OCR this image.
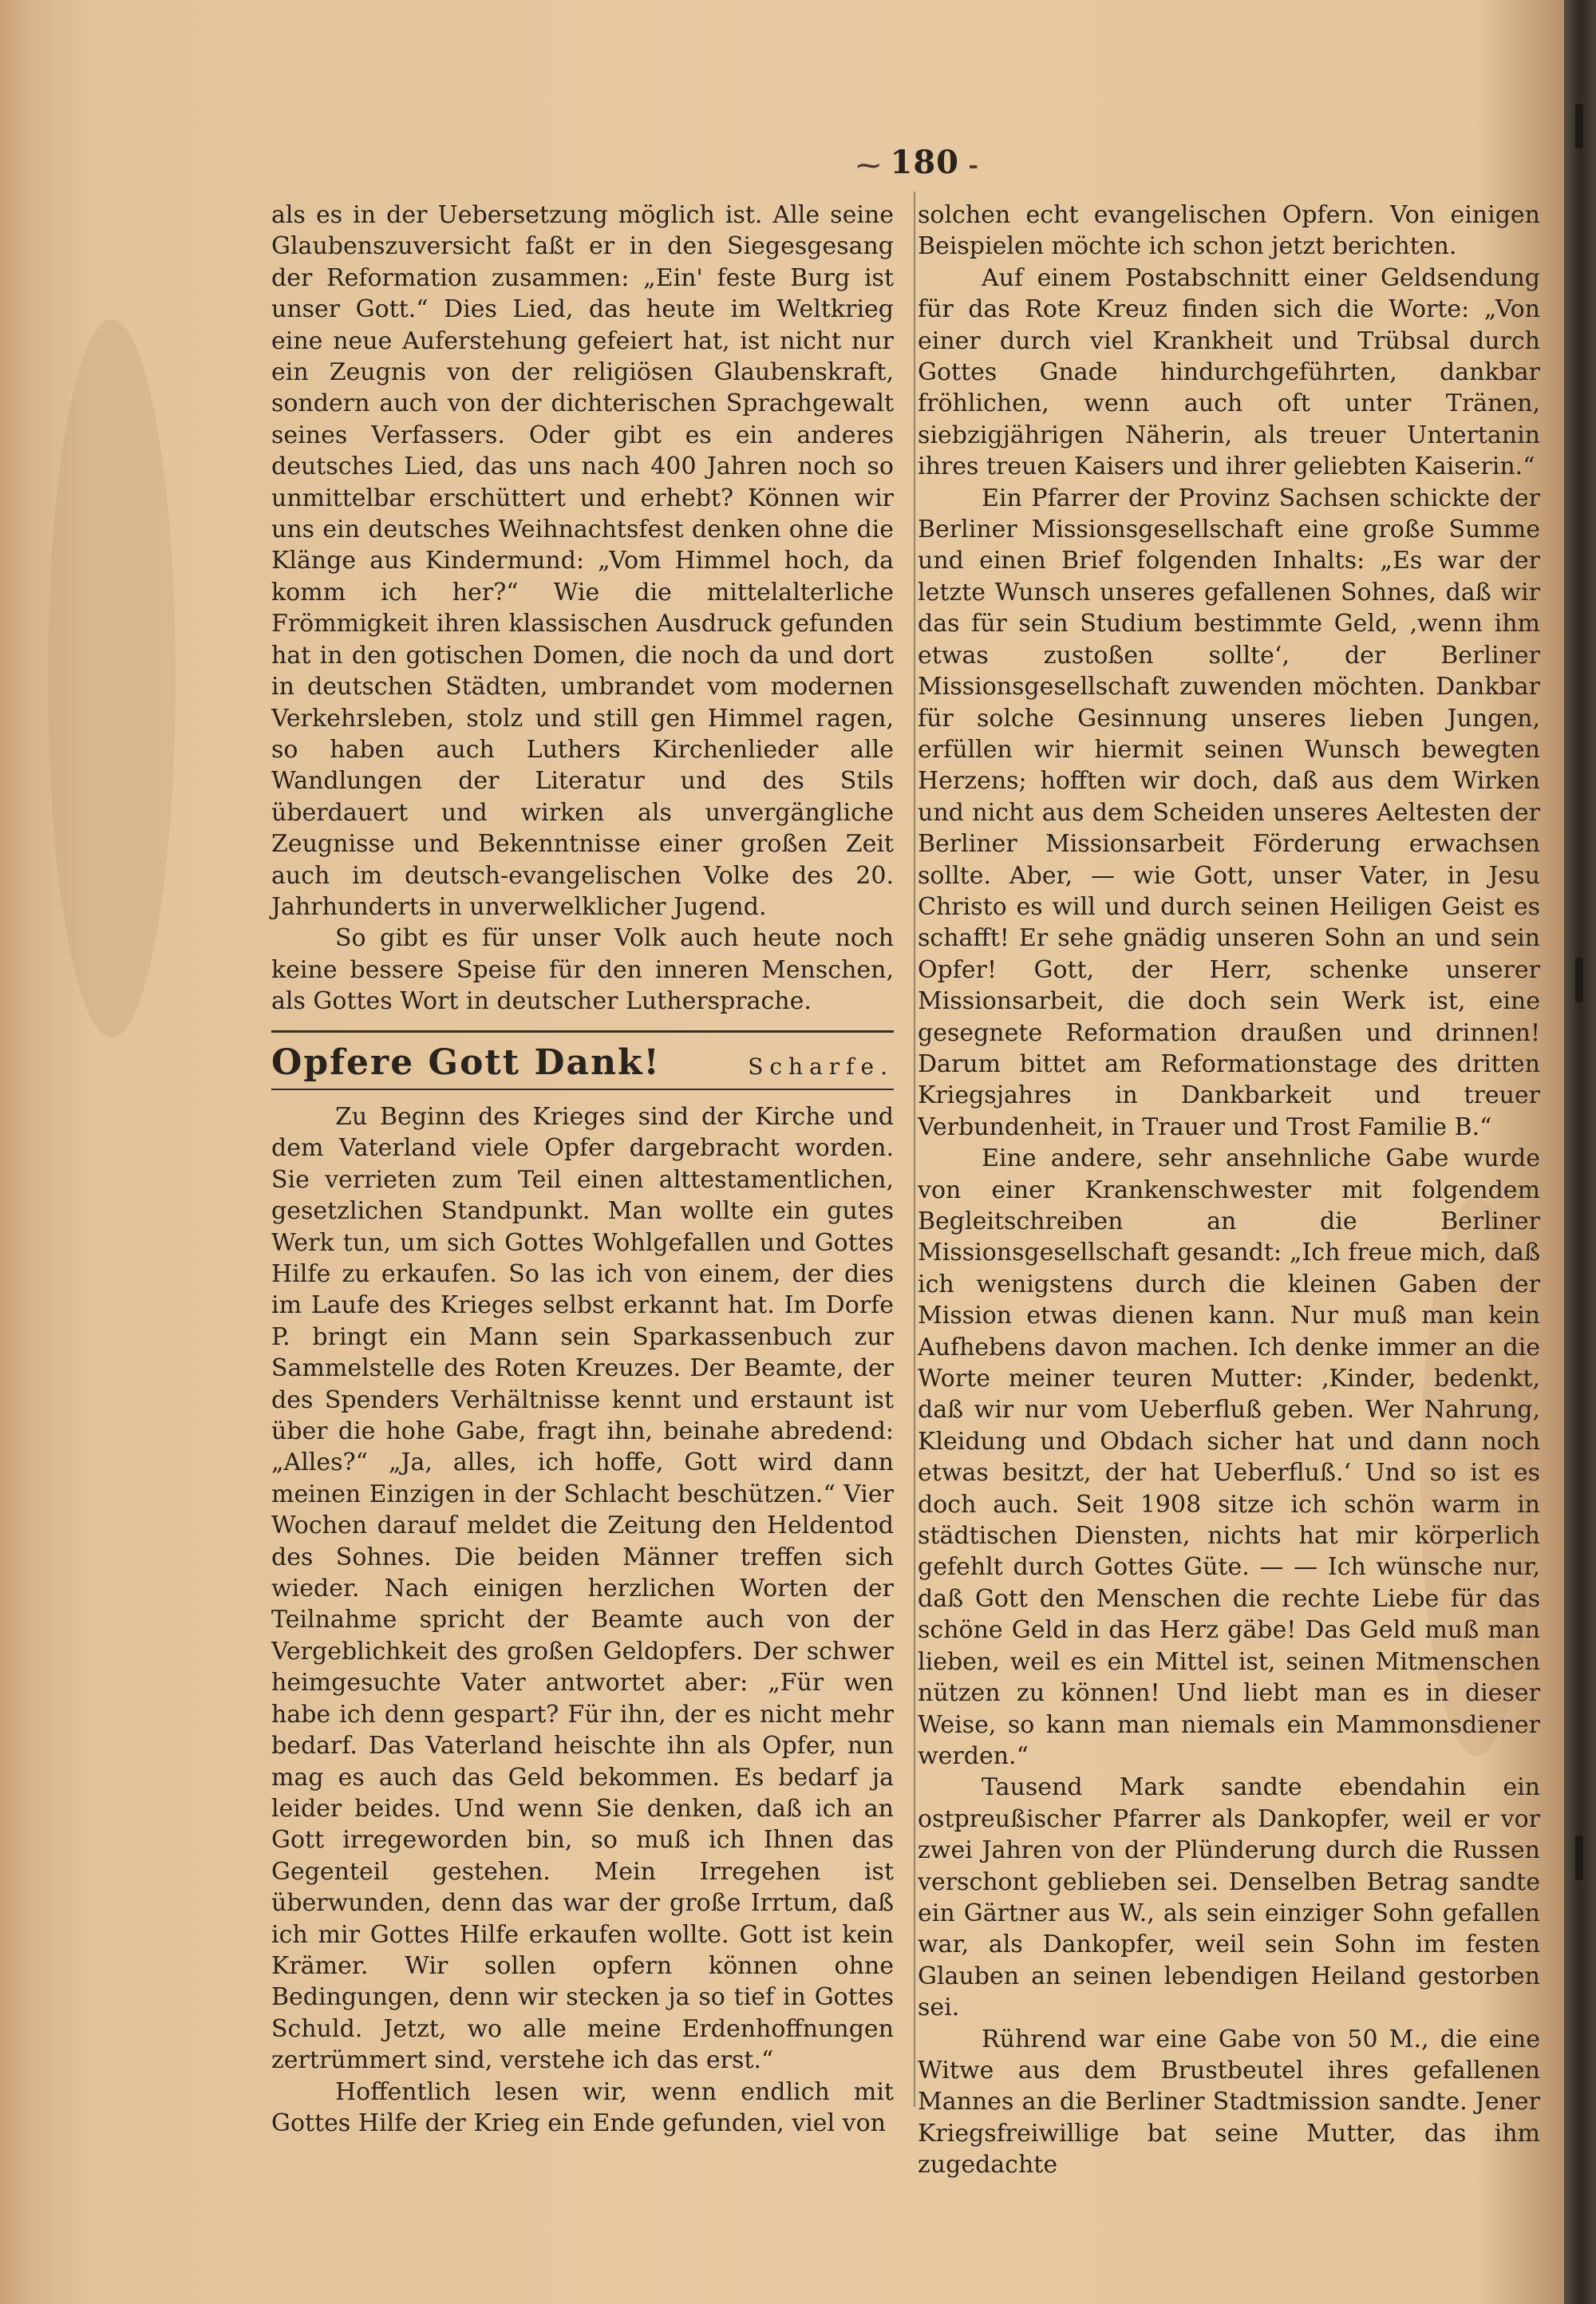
⁓ 180 -

als es in der Uebersetzung möglich ist. Alle seine Glaubenszuversicht faßt er in den Siegesgesang der Reformation zusammen: „Ein' feste Burg ist unser Gott.“ Dies Lied, das heute im Weltkrieg eine neue Auferstehung gefeiert hat, ist nicht nur ein Zeugnis von der religiösen Glaubenskraft, sondern auch von der dichterischen Sprachgewalt seines Verfassers. Oder gibt es ein anderes deutsches Lied, das uns nach 400 Jahren noch so unmittelbar erschüttert und erhebt? Können wir uns ein deutsches Weihnachtsfest denken ohne die Klänge aus Kindermund: „Vom Himmel hoch, da komm ich her?“ Wie die mittelalterliche Frömmigkeit ihren klassischen Ausdruck gefunden hat in den gotischen Domen, die noch da und dort in deutschen Städten, umbrandet vom modernen Verkehrsleben, stolz und still gen Himmel ragen, so haben auch Luthers Kirchenlieder alle Wandlungen der Literatur und des Stils überdauert und wirken als unvergängliche Zeugnisse und Bekenntnisse einer großen Zeit auch im deutsch-evangelischen Volke des 20. Jahrhunderts in unverwelklicher Jugend.

So gibt es für unser Volk auch heute noch keine bessere Speise für den inneren Menschen, als Gottes Wort in deutscher Luthersprache.

Opfere Gott Dank!	Scharfe.

Zu Beginn des Krieges sind der Kirche und dem Vaterland viele Opfer dargebracht worden. Sie verrieten zum Teil einen alttestamentlichen, gesetzlichen Standpunkt. Man wollte ein gutes Werk tun, um sich Gottes Wohlgefallen und Gottes Hilfe zu erkaufen. So las ich von einem, der dies im Laufe des Krieges selbst erkannt hat. Im Dorfe P. bringt ein Mann sein Sparkassenbuch zur Sammelstelle des Roten Kreuzes. Der Beamte, der des Spenders Verhältnisse kennt und erstaunt ist über die hohe Gabe, fragt ihn, beinahe abredend: „Alles?“ „Ja, alles, ich hoffe, Gott wird dann meinen Einzigen in der Schlacht beschützen.“ Vier Wochen darauf meldet die Zeitung den Heldentod des Sohnes. Die beiden Männer treffen sich wieder. Nach einigen herzlichen Worten der Teilnahme spricht der Beamte auch von der Vergeblichkeit des großen Geldopfers. Der schwer heimgesuchte Vater antwortet aber: „Für wen habe ich denn gespart? Für ihn, der es nicht mehr bedarf. Das Vaterland heischte ihn als Opfer, nun mag es auch das Geld bekommen. Es bedarf ja leider beides. Und wenn Sie denken, daß ich an Gott irregeworden bin, so muß ich Ihnen das Gegenteil gestehen. Mein Irregehen ist überwunden, denn das war der große Irrtum, daß ich mir Gottes Hilfe erkaufen wollte. Gott ist kein Krämer. Wir sollen opfern können ohne Bedingungen, denn wir stecken ja so tief in Gottes Schuld. Jetzt, wo alle meine Erdenhoffnungen zertrümmert sind, verstehe ich das erst.“

Hoffentlich lesen wir, wenn endlich mit Gottes Hilfe der Krieg ein Ende gefunden, viel von

solchen echt evangelischen Opfern. Von einigen Beispielen möchte ich schon jetzt berichten.

Auf einem Postabschnitt einer Geldsendung für das Rote Kreuz finden sich die Worte: „Von einer durch viel Krankheit und Trübsal durch Gottes Gnade hindurchgeführten, dankbar fröhlichen, wenn auch oft unter Tränen, siebzigjährigen Näherin, als treuer Untertanin ihres treuen Kaisers und ihrer geliebten Kaiserin.“

Ein Pfarrer der Provinz Sachsen schickte der Berliner Missionsgesellschaft eine große Summe und einen Brief folgenden Inhalts: „Es war der letzte Wunsch unseres gefallenen Sohnes, daß wir das für sein Studium bestimmte Geld, ‚wenn ihm etwas zustoßen sollte‘, der Berliner Missionsgesellschaft zuwenden möchten. Dankbar für solche Gesinnung unseres lieben Jungen, erfüllen wir hiermit seinen Wunsch bewegten Herzens; hofften wir doch, daß aus dem Wirken und nicht aus dem Scheiden unseres Aeltesten der Berliner Missionsarbeit Förderung erwachsen sollte. Aber, — wie Gott, unser Vater, in Jesu Christo es will und durch seinen Heiligen Geist es schafft! Er sehe gnädig unseren Sohn an und sein Opfer! Gott, der Herr, schenke unserer Missionsarbeit, die doch sein Werk ist, eine gesegnete Reformation draußen und drinnen! Darum bittet am Reformationstage des dritten Kriegsjahres in Dankbarkeit und treuer Verbundenheit, in Trauer und Trost Familie B.“

Eine andere, sehr ansehnliche Gabe wurde von einer Krankenschwester mit folgendem Begleitschreiben an die Berliner Missionsgesellschaft gesandt: „Ich freue mich, daß ich wenigstens durch die kleinen Gaben der Mission etwas dienen kann. Nur muß man kein Aufhebens davon machen. Ich denke immer an die Worte meiner teuren Mutter: ‚Kinder, bedenkt, daß wir nur vom Ueberfluß geben. Wer Nahrung, Kleidung und Obdach sicher hat und dann noch etwas besitzt, der hat Ueberfluß.‘ Und so ist es doch auch. Seit 1908 sitze ich schön warm in städtischen Diensten, nichts hat mir körperlich gefehlt durch Gottes Güte. — — Ich wünsche nur, daß Gott den Menschen die rechte Liebe für das schöne Geld in das Herz gäbe! Das Geld muß man lieben, weil es ein Mittel ist, seinen Mitmenschen nützen zu können! Und liebt man es in dieser Weise, so kann man niemals ein Mammonsdiener werden.“

Tausend Mark sandte ebendahin ein ostpreußischer Pfarrer als Dankopfer, weil er vor zwei Jahren von der Plünderung durch die Russen verschont geblieben sei. Denselben Betrag sandte ein Gärtner aus W., als sein einziger Sohn gefallen war, als Dankopfer, weil sein Sohn im festen Glauben an seinen lebendigen Heiland gestorben sei.

Rührend war eine Gabe von 50 M., die eine Witwe aus dem Brustbeutel ihres gefallenen Mannes an die Berliner Stadtmission sandte. Jener Kriegsfreiwillige bat seine Mutter, das ihm zugedachte
